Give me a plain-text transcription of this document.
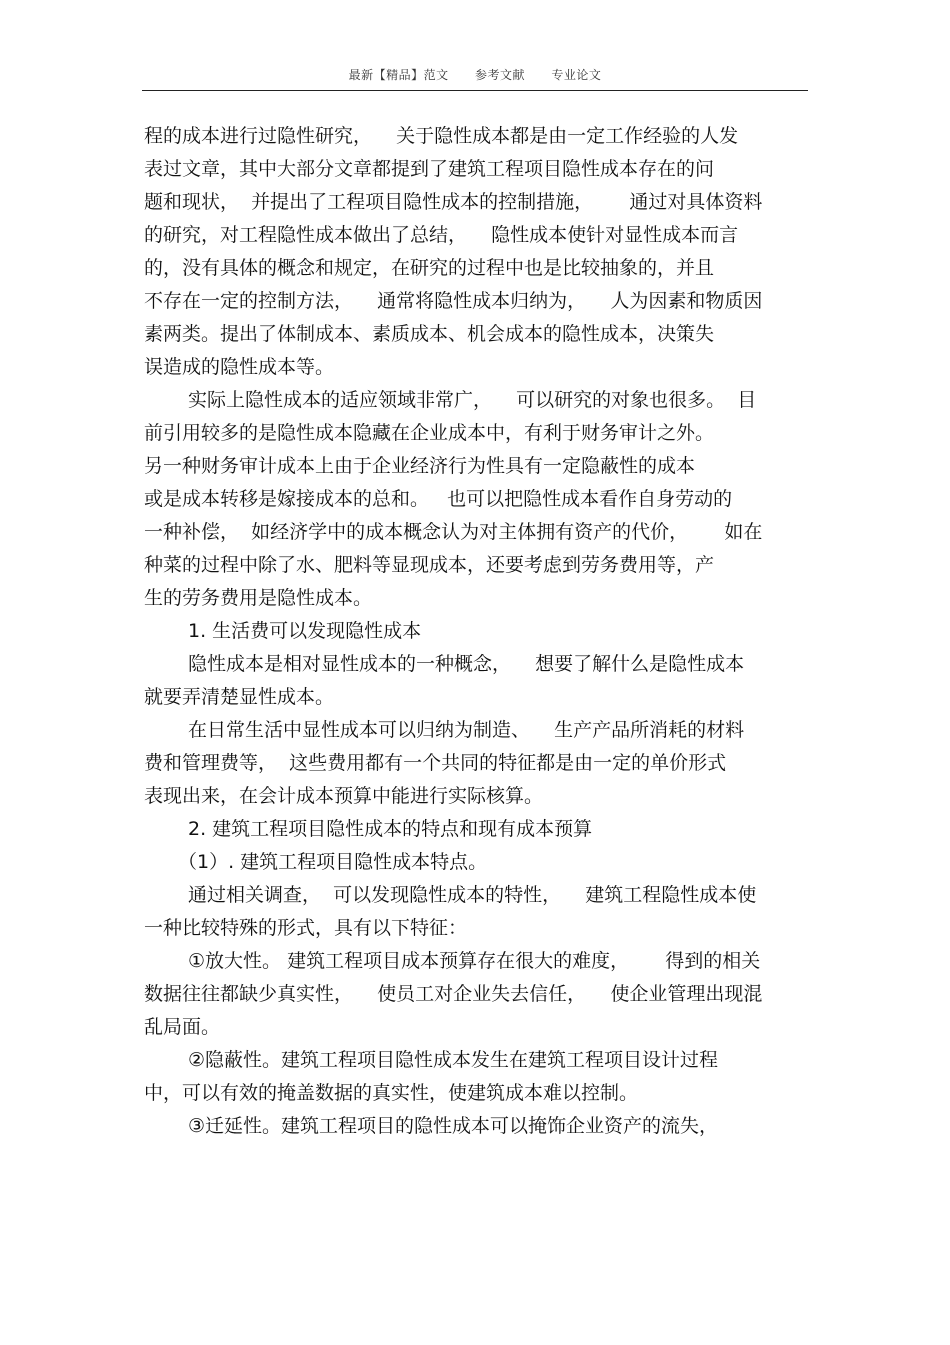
最新【精品】范文 参考文献 专业论文

程的成本进行过隐性研究，    关于隐性成本都是由一定工作经验的人发

表过文章，其中大部分文章都提到了建筑工程项目隐性成本存在的问

题和现状，  并提出了工程项目隐性成本的控制措施，      通过对具体资料

的研究，对工程隐性成本做出了总结，    隐性成本使针对显性成本而言

的，没有具体的概念和规定，在研究的过程中也是比较抽象的，并且

不存在一定的控制方法，    通常将隐性成本归纳为，    人为因素和物质因

素两类。提出了体制成本、素质成本、机会成本的隐性成本，决策失

误造成的隐性成本等。

实际上隐性成本的适应领域非常广，    可以研究的对象也很多。  目

前引用较多的是隐性成本隐藏在企业成本中，有利于财务审计之外。

另一种财务审计成本上由于企业经济行为性具有一定隐蔽性的成本

或是成本转移是嫁接成本的总和。   也可以把隐性成本看作自身劳动的

一种补偿，  如经济学中的成本概念认为对主体拥有资产的代价，      如在

种菜的过程中除了水、肥料等显现成本，还要考虑到劳务费用等，产

生的劳务费用是隐性成本。

1. 生活费可以发现隐性成本

隐性成本是相对显性成本的一种概念，    想要了解什么是隐性成本

就要弄清楚显性成本。

在日常生活中显性成本可以归纳为制造、    生产产品所消耗的材料

费和管理费等，  这些费用都有一个共同的特征都是由一定的单价形式

表现出来，在会计成本预算中能进行实际核算。

2. 建筑工程项目隐性成本的特点和现有成本预算

（1）. 建筑工程项目隐性成本特点。

通过相关调查，  可以发现隐性成本的特性，    建筑工程隐性成本使

一种比较特殊的形式，具有以下特征：

①放大性。 建筑工程项目成本预算存在很大的难度，      得到的相关

数据往往都缺少真实性，    使员工对企业失去信任，    使企业管理出现混

乱局面。

②隐蔽性。建筑工程项目隐性成本发生在建筑工程项目设计过程

中，可以有效的掩盖数据的真实性，使建筑成本难以控制。

③迁延性。建筑工程项目的隐性成本可以掩饰企业资产的流失，
